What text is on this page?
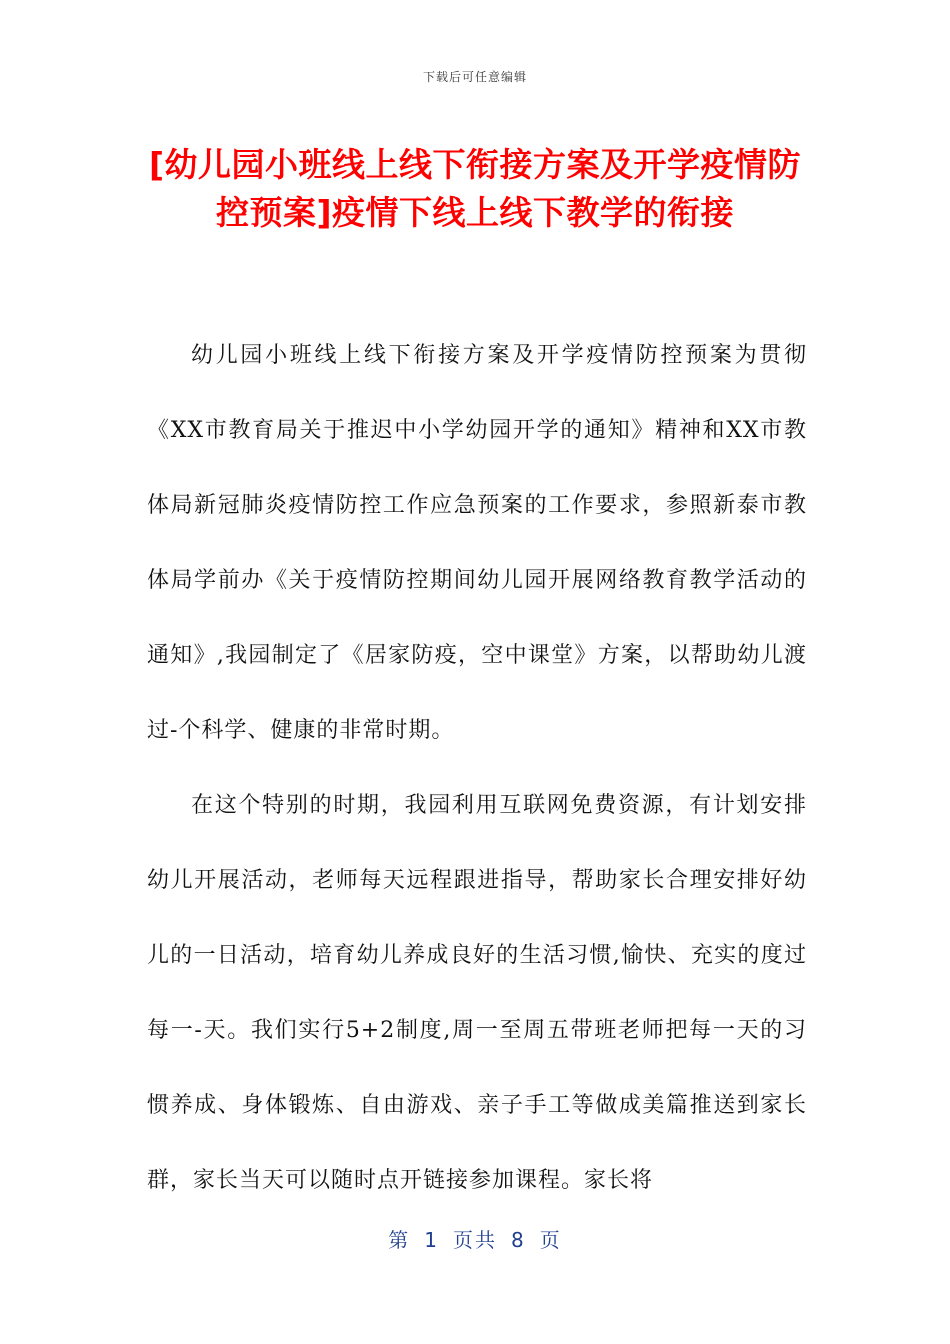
下载后可任意编辑
[幼儿园小班线上线下衔接方案及开学疫情防控预案]疫情下线上线下教学的衔接

幼儿园小班线上线下衔接方案及开学疫情防控预案为贯彻《XX市教育局关于推迟中小学幼园开学的通知》精神和XX市教体局新冠肺炎疫情防控工作应急预案的工作要求，参照新泰市教体局学前办《关于疫情防控期间幼儿园开展网络教育教学活动的通知》,我园制定了《居家防疫，空中课堂》方案，以帮助幼儿渡过-个科学、健康的非常时期。

在这个特别的时期，我园利用互联网免费资源，有计划安排幼儿开展活动，老师每天远程跟进指导，帮助家长合理安排好幼儿的一日活动，培育幼儿养成良好的生活习惯,愉快、充实的度过每一-天。我们实行5+2制度,周一至周五带班老师把每一天的习惯养成、身体锻炼、自由游戏、亲子手工等做成美篇推送到家长群，家长当天可以随时点开链接参加课程。家长将

第 1 页共 8 页
